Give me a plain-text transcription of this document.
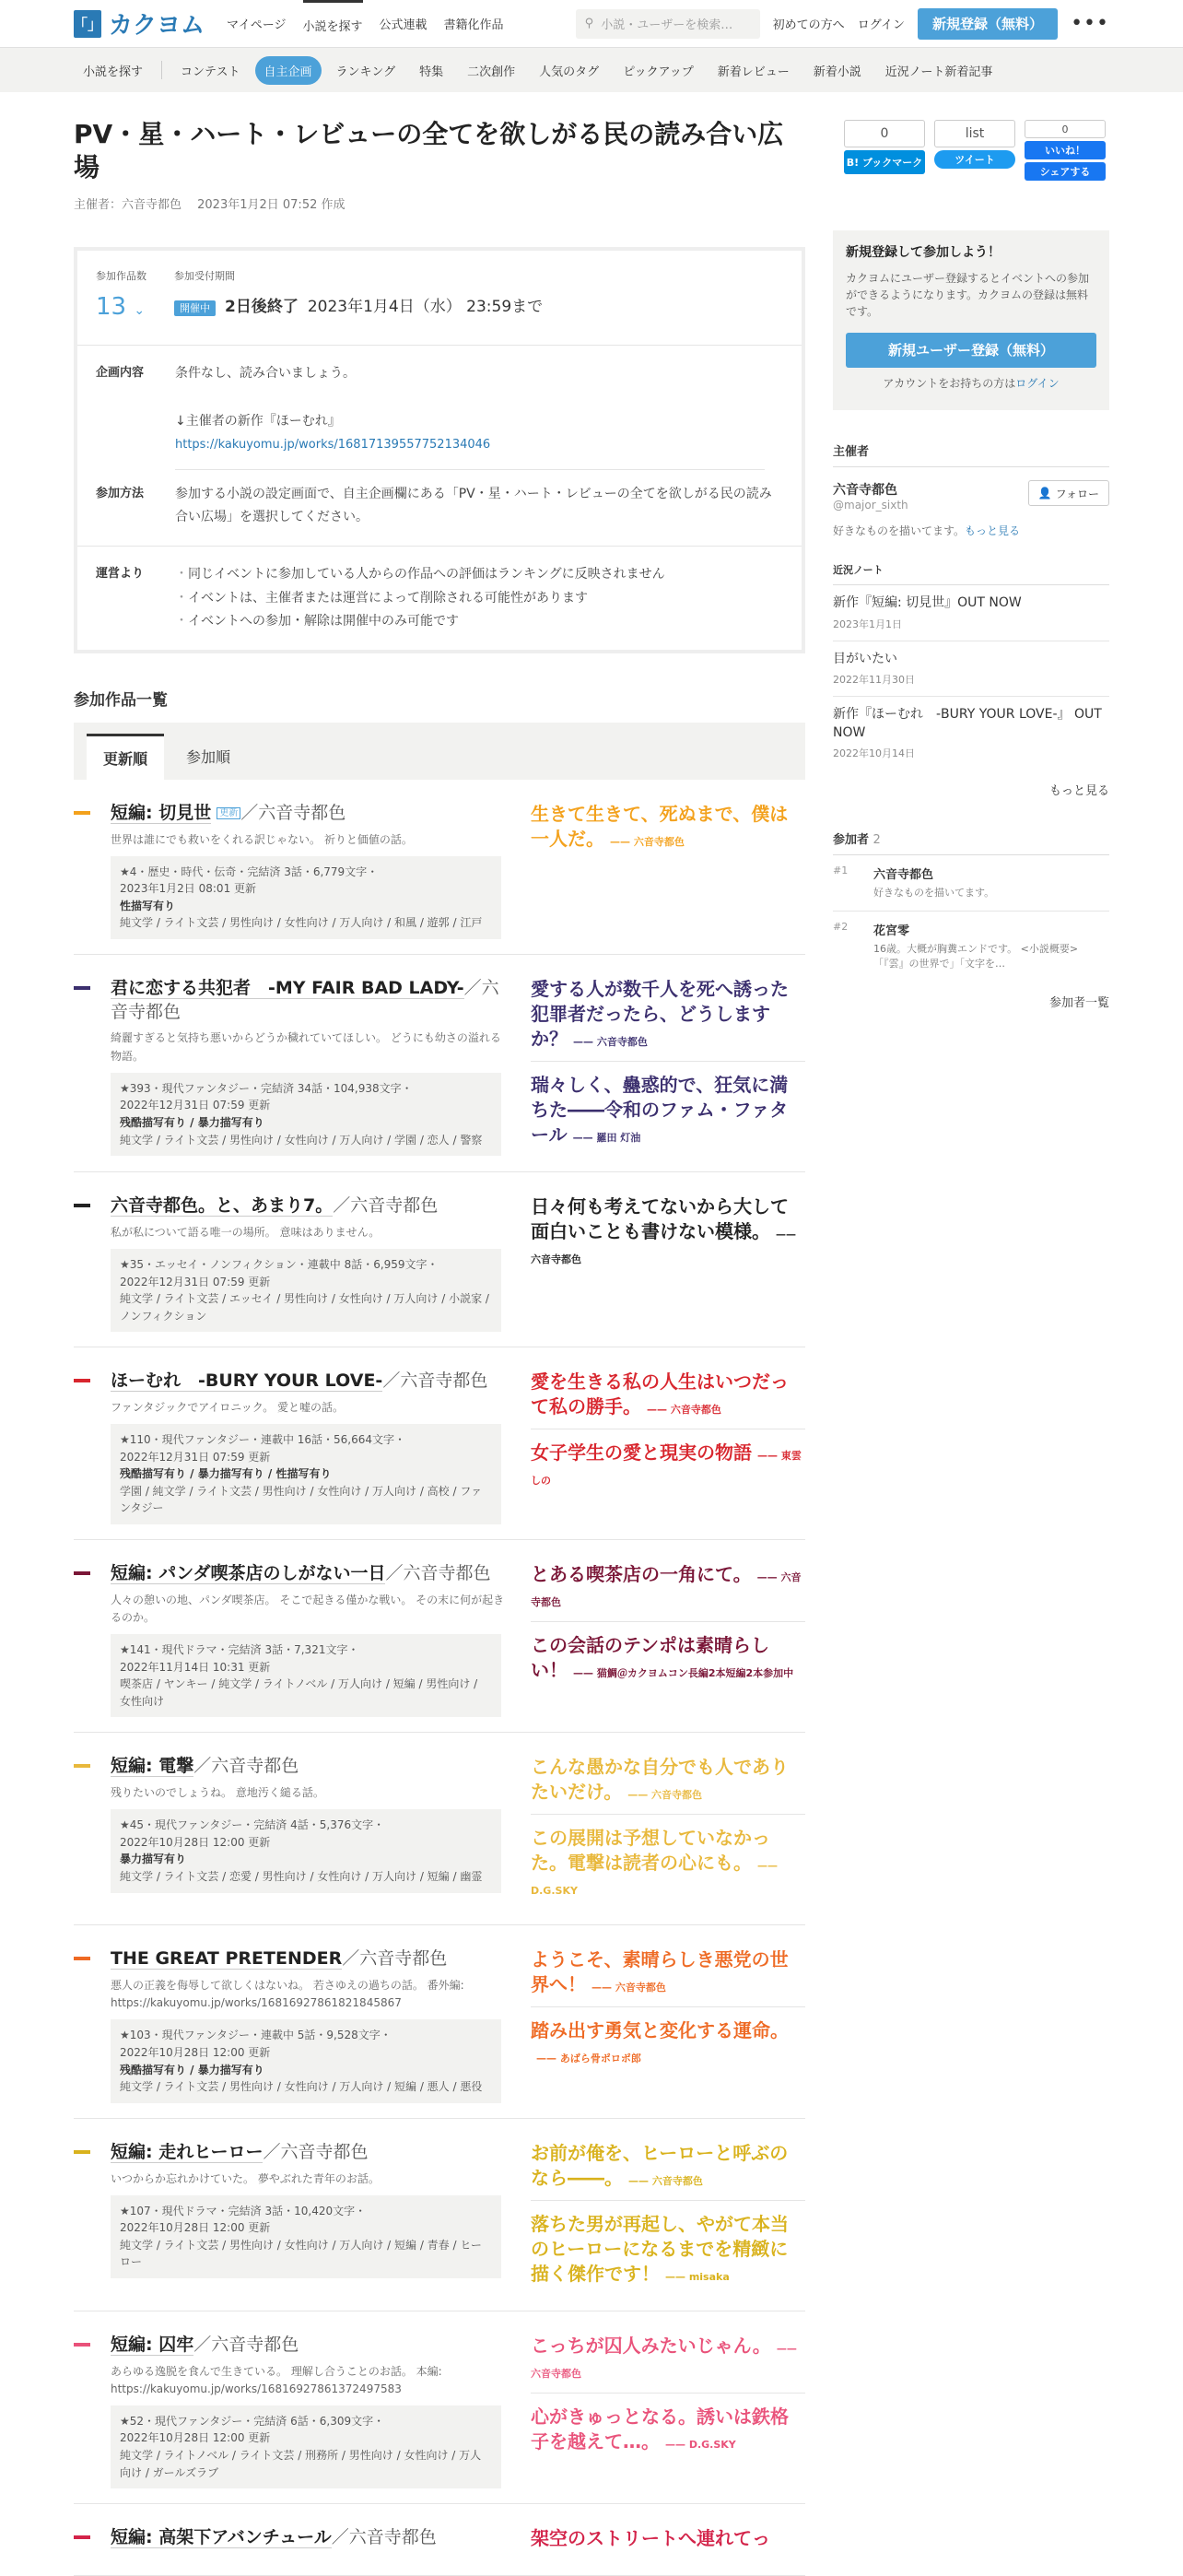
「」 カクヨム マイページ 小説を探す 公式連載 書籍化作品	⚲ 小説・ユーザーを検索…	初めての方へ ログイン	新規登録（無料）	•••
小説を探す	コンテスト	自主企画	ランキング	特集	二次創作	人気のタグ	ピックアップ	新着レビュー	新着小説	近況ノート新着記事
0
B! ブックマーク
list
ツイート
0
いいね！
シェアする
PV・星・ハート・レビューの全てを欲しがる民の読み合い広場
主催者：六音寺都色　 2023年1月2日 07:52 作成
参加作品数
13 ⌄
参加受付期間
開催中 2日後終了 2023年1月4日（水） 23:59まで
企画内容	条件なし、読み合いましょう。
↓主催者の新作『ほーむれ』
https://kakuyomu.jp/works/16817139557752134046
参加方法	参加する小説の設定画面で、自主企画欄にある「PV・星・ハート・レビューの全てを欲しがる民の読み合い広場」を選択してください。
運営より
・	同じイベントに参加している人からの作品への評価はランキングに反映されません
・ イベントは、主催者または運営によって削除される可能性があります
・ イベントへの参加・解除は開催中のみ可能です
参加作品一覧
更新順	参加順
短編: 切見世 更新 ／六音寺都色
世界は誰にでも救いをくれる訳じゃない。 祈りと価値の話。
★4・歴史・時代・伝奇・完結済 3話・6,779文字・
2023年1月2日 08:01 更新
性描写有り
純文学 / ライト文芸 / 男性向け / 女性向け / 万人向け / 和風 / 遊郭 / 江戸
生きて生きて、死ぬまで、僕は一人だ。 —— 六音寺都色
君に恋する共犯者　-MY FAIR BAD LADY-／六音寺都色
綺麗すぎると気持ち悪いからどうか穢れていてほしい。 どうにも幼さの溢れる物語。
★393・現代ファンタジー・完結済 34話・104,938文字・
2022年12月31日 07:59 更新
残酷描写有り / 暴力描写有り
純文学 / ライト文芸 / 男性向け / 女性向け / 万人向け / 学園 / 恋人 / 警察
愛する人が数千人を死へ誘った犯罪者だったら、どうしますか？ —— 六音寺都色
瑞々しく、蠱惑的で、狂気に満ちた――令和のファム・ファタール —— 羅田 灯油
六音寺都色。と、あまり7。／六音寺都色
私が私について語る唯一の場所。 意味はありません。
★35・エッセイ・ノンフィクション・連載中 8話・6,959文字・
2022年12月31日 07:59 更新
純文学 / ライト文芸 / エッセイ / 男性向け / 女性向け / 万人向け / 小説家 / ノンフィクション
日々何も考えてないから大して面白いことも書けない模様。 —— 六音寺都色
ほーむれ　-BURY YOUR LOVE-／六音寺都色
ファンタジックでアイロニック。 愛と嘘の話。
★110・現代ファンタジー・連載中 16話・56,664文字・
2022年12月31日 07:59 更新
残酷描写有り / 暴力描写有り / 性描写有り
学園 / 純文学 / ライト文芸 / 男性向け / 女性向け / 万人向け / 高校 / ファンタジー
愛を生きる私の人生はいつだって私の勝手。 —— 六音寺都色
女子学生の愛と現実の物語 —— 東雲しの
短編: パンダ喫茶店のしがない一日／六音寺都色
人々の憩いの地、パンダ喫茶店。 そこで起きる僅かな戦い。 その末に何が起きるのか。
★141・現代ドラマ・完結済 3話・7,321文字・
2022年11月14日 10:31 更新
喫茶店 / ヤンキー / 純文学 / ライトノベル / 万人向け / 短編 / 男性向け / 女性向け
とある喫茶店の一角にて。 —— 六音寺都色
この会話のテンポは素晴らしい！ —— 猫鯛＠カクヨムコン長編2本短編2本参加中
短編: 電撃／六音寺都色
残りたいのでしょうね。 意地汚く縋る話。
★45・現代ファンタジー・完結済 4話・5,376文字・
2022年10月28日 12:00 更新
暴力描写有り
純文学 / ライト文芸 / 恋愛 / 男性向け / 女性向け / 万人向け / 短編 / 幽霊
こんな愚かな自分でも人でありたいだけ。 —— 六音寺都色
この展開は予想していなかった。電撃は読者の心にも。 —— D.G.SKY
THE GREAT PRETENDER／六音寺都色
悪人の正義を侮辱して欲しくはないね。 若さゆえの過ちの話。 番外編: https://kakuyomu.jp/works/16816927861821845867
★103・現代ファンタジー・連載中 5話・9,528文字・
2022年10月28日 12:00 更新
残酷描写有り / 暴力描写有り
純文学 / ライト文芸 / 男性向け / 女性向け / 万人向け / 短編 / 悪人 / 悪役
ようこそ、素晴らしき悪党の世界へ！ —— 六音寺都色
踏み出す勇気と変化する運命。—— あばら骨ポロポ郎
短編: 走れヒーロー／六音寺都色
いつからか忘れかけていた。 夢やぶれた青年のお話。
★107・現代ドラマ・完結済 3話・10,420文字・
2022年10月28日 12:00 更新
純文学 / ライト文芸 / 男性向け / 女性向け / 万人向け / 短編 / 青春 / ヒーロー
お前が俺を、ヒーローと呼ぶのなら――。 —— 六音寺都色
落ちた男が再起し、やがて本当のヒーローになるまでを精緻に描く傑作です！ —— misaka
短編: 囚牢／六音寺都色
あらゆる逸脱を食んで生きている。 理解し合うことのお話。 本編: https://kakuyomu.jp/works/16816927861372497583
★52・現代ファンタジー・完結済 6話・6,309文字・
2022年10月28日 12:00 更新
純文学 / ライトノベル / ライト文芸 / 刑務所 / 男性向け / 女性向け / 万人向け / ガールズラブ
こっちが囚人みたいじゃん。 —— 六音寺都色
心がきゅっとなる。誘いは鉄格子を越えて…。 —— D.G.SKY
短編: 高架下アバンチュール／六音寺都色	架空のストリートへ連れてっ
新規登録して参加しよう！
カクヨムにユーザー登録するとイベントへの参加ができるようになります。カクヨムの登録は無料です。
新規ユーザー登録（無料）
アカウントをお持ちの方はログイン
主催者
六音寺都色
@major_sixth
👤 フォロー
好きなものを描いてます。もっと見る
近況ノート
新作『短編: 切見世』OUT NOW
2023年1月1日
目がいたい
2022年11月30日
新作『ほーむれ　-BURY YOUR LOVE-』 OUT NOW
2022年10月14日
もっと見る
参加者 2
#1	六音寺都色
好きなものを描いてます。
#2	花宮零
16歳。大概が胸糞エンドです。 <小説概要> 「『雲』の世界で」「文字を…
参加者一覧
